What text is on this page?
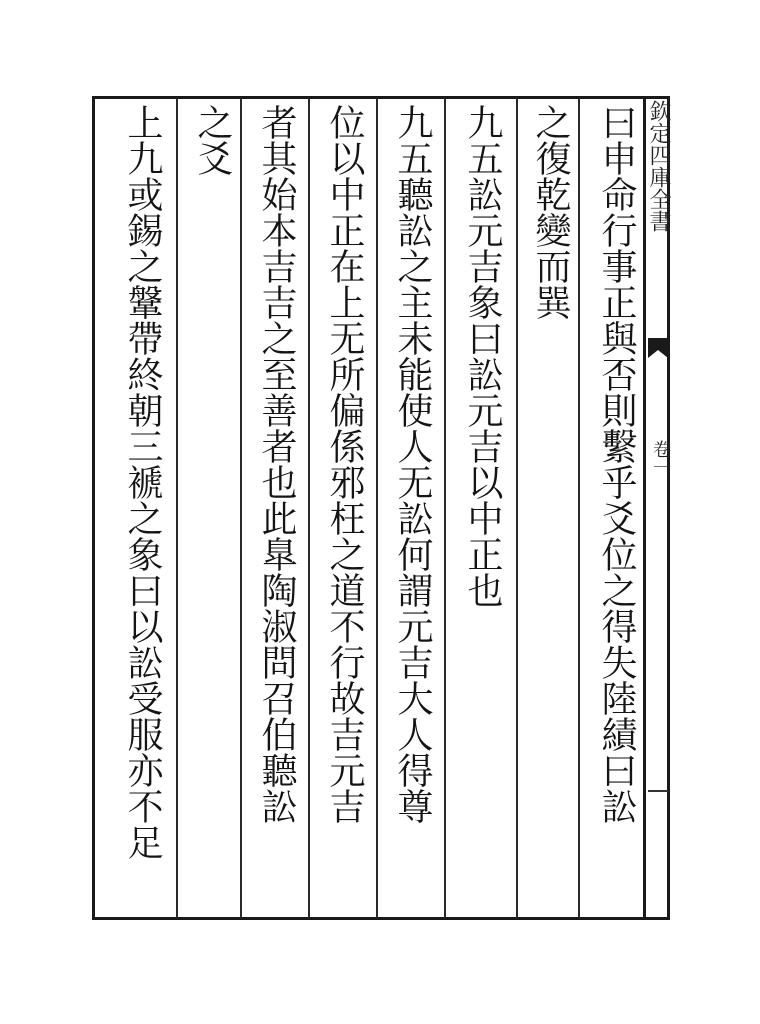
欽定四庫全書
卷一
曰申命行事正與否則繫乎爻位之得失陸績曰訟
之復乾變而巽
九五訟元吉象曰訟元吉以中正也
九五聽訟之主未能使人无訟何謂元吉大人得尊
位以中正在上无所偏係邪枉之道不行故吉元吉
者其始本吉吉之至善者也此臯陶淑問召伯聽訟
之爻
上九或錫之鞶帶終朝三褫之象曰以訟受服亦不足
